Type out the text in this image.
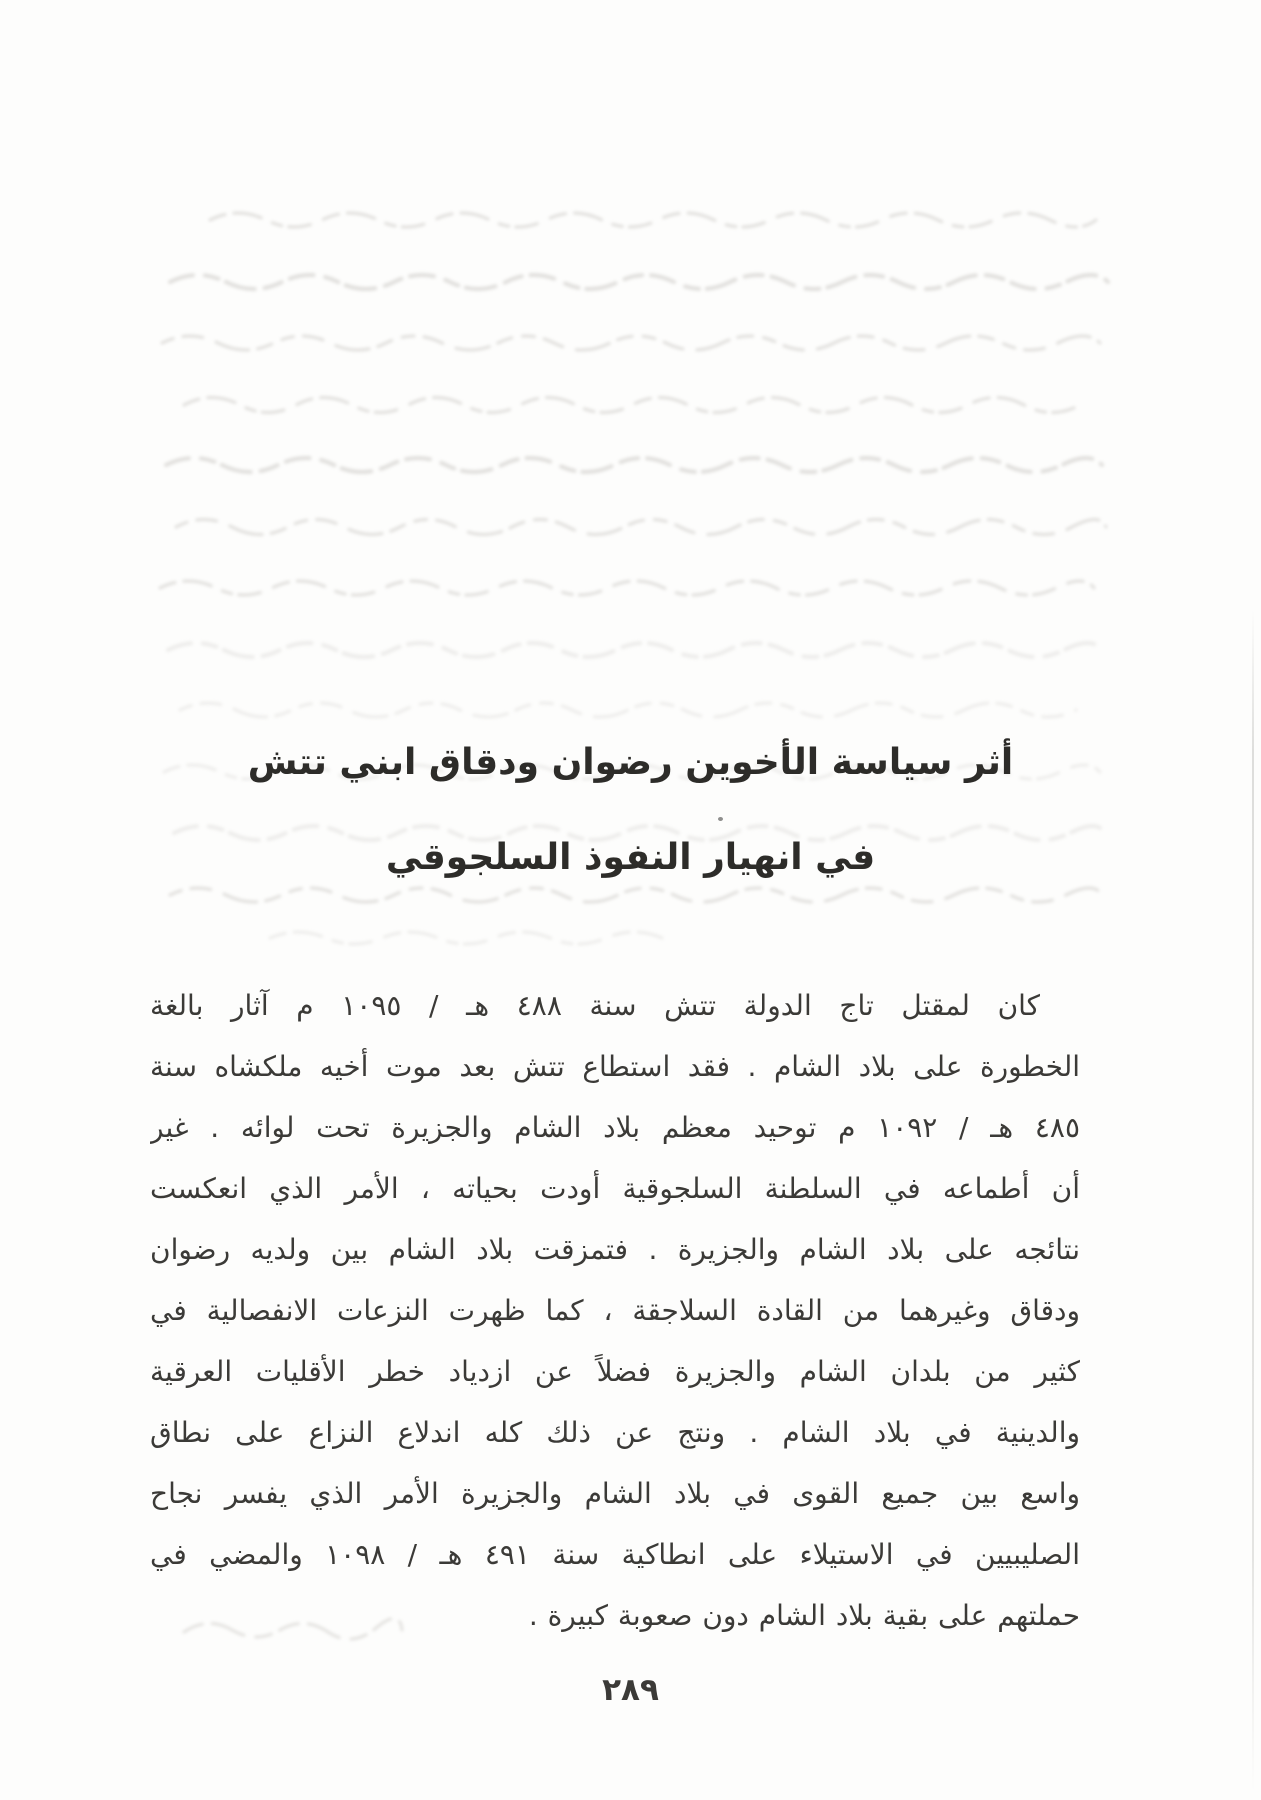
أثر سياسة الأخوين رضوان ودقاق ابني تتش
في انهيار النفوذ السلجوقي
كان لمقتل تاج الدولة تتش سنة ٤٨٨ هـ / ١٠٩٥ م آثار بالغة
الخطورة على بلاد الشام . فقد استطاع تتش بعد موت أخيه ملكشاه سنة
٤٨٥ هـ / ١٠٩٢ م توحيد معظم بلاد الشام والجزيرة تحت لوائه . غير
أن أطماعه في السلطنة السلجوقية أودت بحياته ، الأمر الذي انعكست
نتائجه على بلاد الشام والجزيرة . فتمزقت بلاد الشام بين ولديه رضوان
ودقاق وغيرهما من القادة السلاجقة ، كما ظهرت النزعات الانفصالية في
كثير من بلدان الشام والجزيرة فضلاً عن ازدياد خطر الأقليات العرقية
والدينية في بلاد الشام . ونتج عن ذلك كله اندلاع النزاع على نطاق
واسع بين جميع القوى في بلاد الشام والجزيرة الأمر الذي يفسر نجاح
الصليبيين في الاستيلاء على انطاكية سنة ٤٩١ هـ / ١٠٩٨ والمضي في
حملتهم على بقية بلاد الشام دون صعوبة كبيرة .
٢٨٩
